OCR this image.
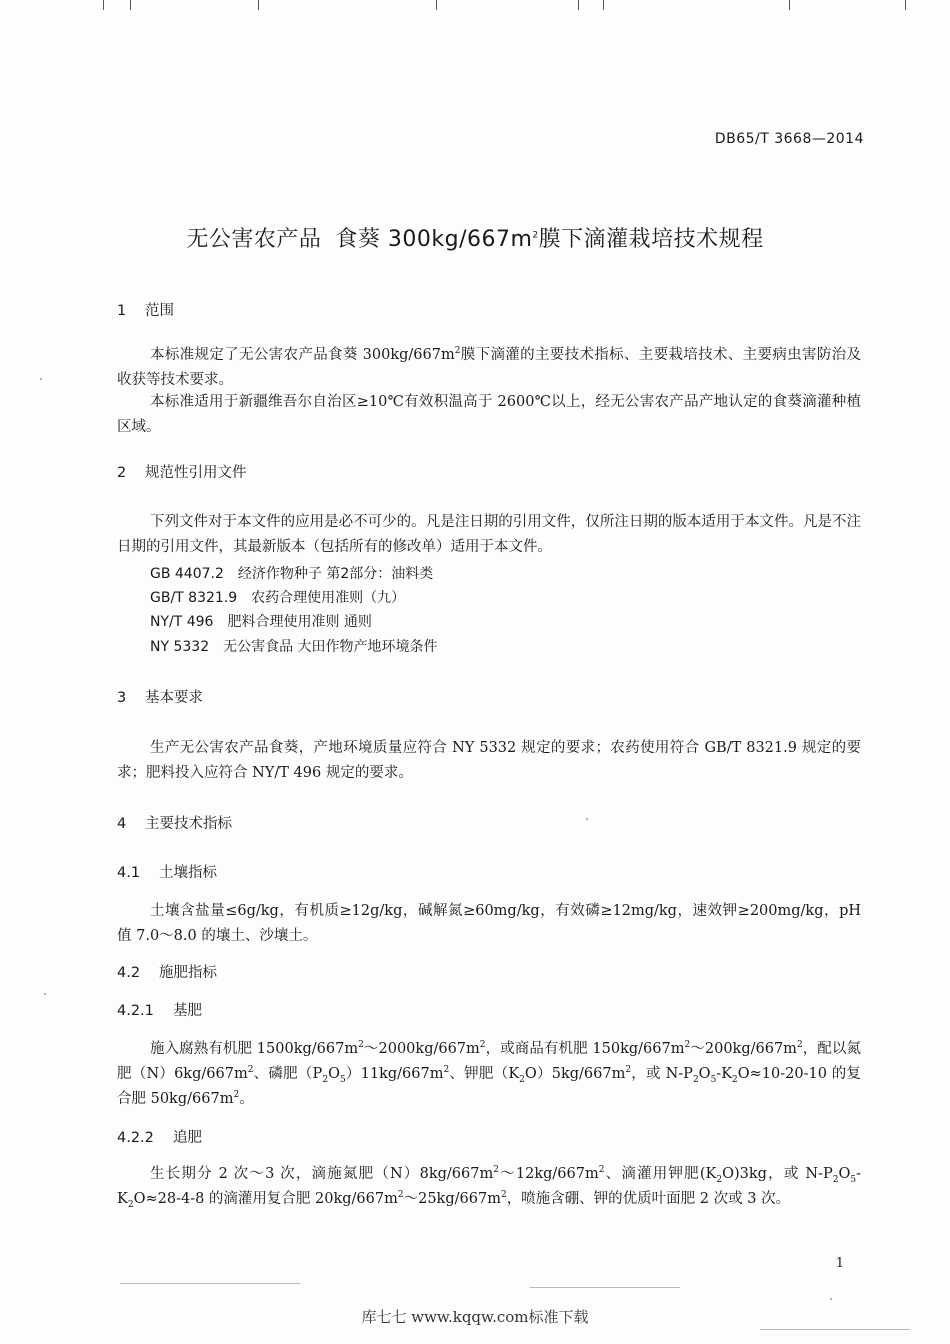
DB65/T 3668—2014
无公害农产品 食葵 $300kg/667m^2$膜下滴灌栽培技术规程
1 范围
本标准规定了无公害农产品食葵 $300kg/667m^2$膜下滴灌的主要技术指标、主要栽培技术、主要病虫害防治及收获等技术要求。
本标准适用于新疆维吾尔自治区≥10℃有效积温高于 2600℃以上，经无公害农产品产地认定的食葵滴灌种植区域。
2 规范性引用文件
下列文件对于本文件的应用是必不可少的。凡是注日期的引用文件，仅所注日期的版本适用于本文件。凡是不注日期的引用文件，其最新版本（包括所有的修改单）适用于本文件。
GB 4407.2 经济作物种子 第2部分：油料类
GB/T 8321.9 农药合理使用准则（九）
NY/T 496 肥料合理使用准则 通则
NY 5332 无公害食品 大田作物产地环境条件
3 基本要求
生产无公害农产品食葵，产地环境质量应符合 NY 5332 规定的要求；农药使用符合 GB/T 8321.9 规定的要求；肥料投入应符合 NY/T 496 规定的要求。
4 主要技术指标
4.1 土壤指标
土壤含盐量≤6g/kg，有机质≥12g/kg，碱解氮≥60mg/kg，有效磷≥12mg/kg，速效钾≥200mg/kg，pH 值 7.0～8.0 的壤土、沙壤土。
4.2 施肥指标
4.2.1 基肥
施入腐熟有机肥 $1500kg/667m^2\sim 2000kg/667m^2$，或商品有机肥 $150kg/667m^2\sim 200kg/667m^2$，配以氮肥$(N)6kg/667m^2$、磷肥$(P_2O_5)11kg/667m^2$、钾肥$(K_2O)5kg/667m^2$，或 $N-P_2O_5-K_2O\approx 10-20-10$ 的复合肥 $50kg/667m^2$。
4.2.2 追肥
生长期分 2 次～3 次，滴施氮肥$(N)8kg/667m^2\sim 12kg/667m^2$、滴灌用钾肥$(K_2O)3kg$，或 $N-P_2O_5-K_2O\approx 28-4-8$ 的滴灌用复合肥 $20kg/667m^2\sim 25kg/667m^2$，喷施含硼、钾的优质叶面肥 2 次或 3 次。
1
库七七 www.kqqw.com标准下载
